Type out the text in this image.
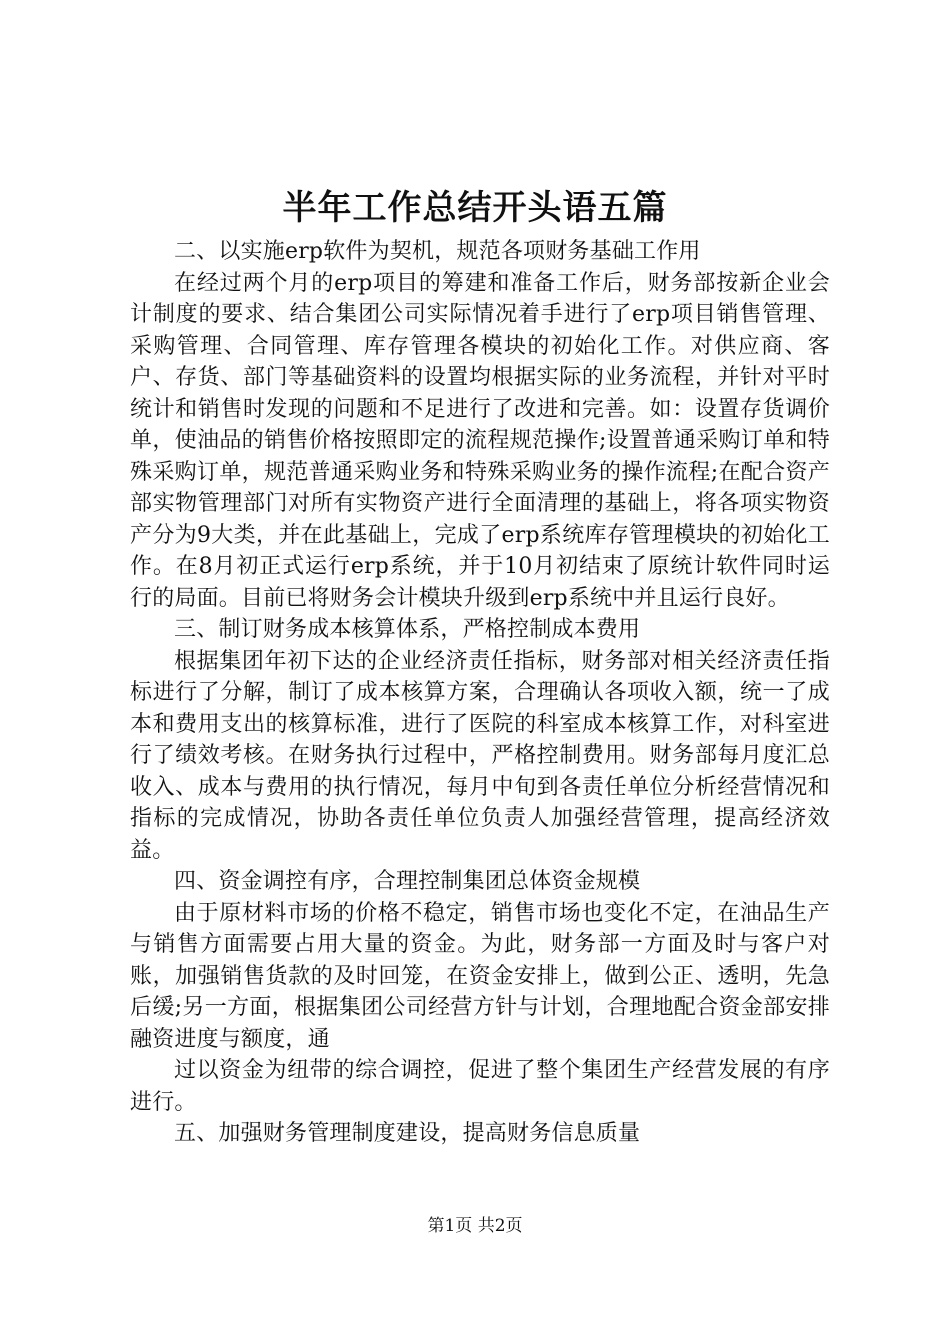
半年工作总结开头语五篇

二、以实施erp软件为契机，规范各项财务基础工作用

在经过两个月的erp项目的筹建和准备工作后，财务部按新企业会计制度的要求、结合集团公司实际情况着手进行了erp项目销售管理、采购管理、合同管理、库存管理各模块的初始化工作。对供应商、客户、存货、部门等基础资料的设置均根据实际的业务流程，并针对平时统计和销售时发现的问题和不足进行了改进和完善。如：设置存货调价单，使油品的销售价格按照即定的流程规范操作;设置普通采购订单和特殊采购订单，规范普通采购业务和特殊采购业务的操作流程;在配合资产部实物管理部门对所有实物资产进行全面清理的基础上，将各项实物资产分为9大类，并在此基础上，完成了erp系统库存管理模块的初始化工作。在8月初正式运行erp系统，并于10月初结束了原统计软件同时运行的局面。目前已将财务会计模块升级到erp系统中并且运行良好。

三、制订财务成本核算体系，严格控制成本费用

根据集团年初下达的企业经济责任指标，财务部对相关经济责任指标进行了分解，制订了成本核算方案，合理确认各项收入额，统一了成本和费用支出的核算标准，进行了医院的科室成本核算工作，对科室进行了绩效考核。在财务执行过程中，严格控制费用。财务部每月度汇总收入、成本与费用的执行情况，每月中旬到各责任单位分析经营情况和指标的完成情况，协助各责任单位负责人加强经营管理，提高经济效益。

四、资金调控有序，合理控制集团总体资金规模

由于原材料市场的价格不稳定，销售市场也变化不定，在油品生产与销售方面需要占用大量的资金。为此，财务部一方面及时与客户对账，加强销售货款的及时回笼，在资金安排上，做到公正、透明，先急后缓;另一方面，根据集团公司经营方针与计划，合理地配合资金部安排融资进度与额度，通

过以资金为纽带的综合调控，促进了整个集团生产经营发展的有序进行。

五、加强财务管理制度建设，提高财务信息质量

第1页 共2页
